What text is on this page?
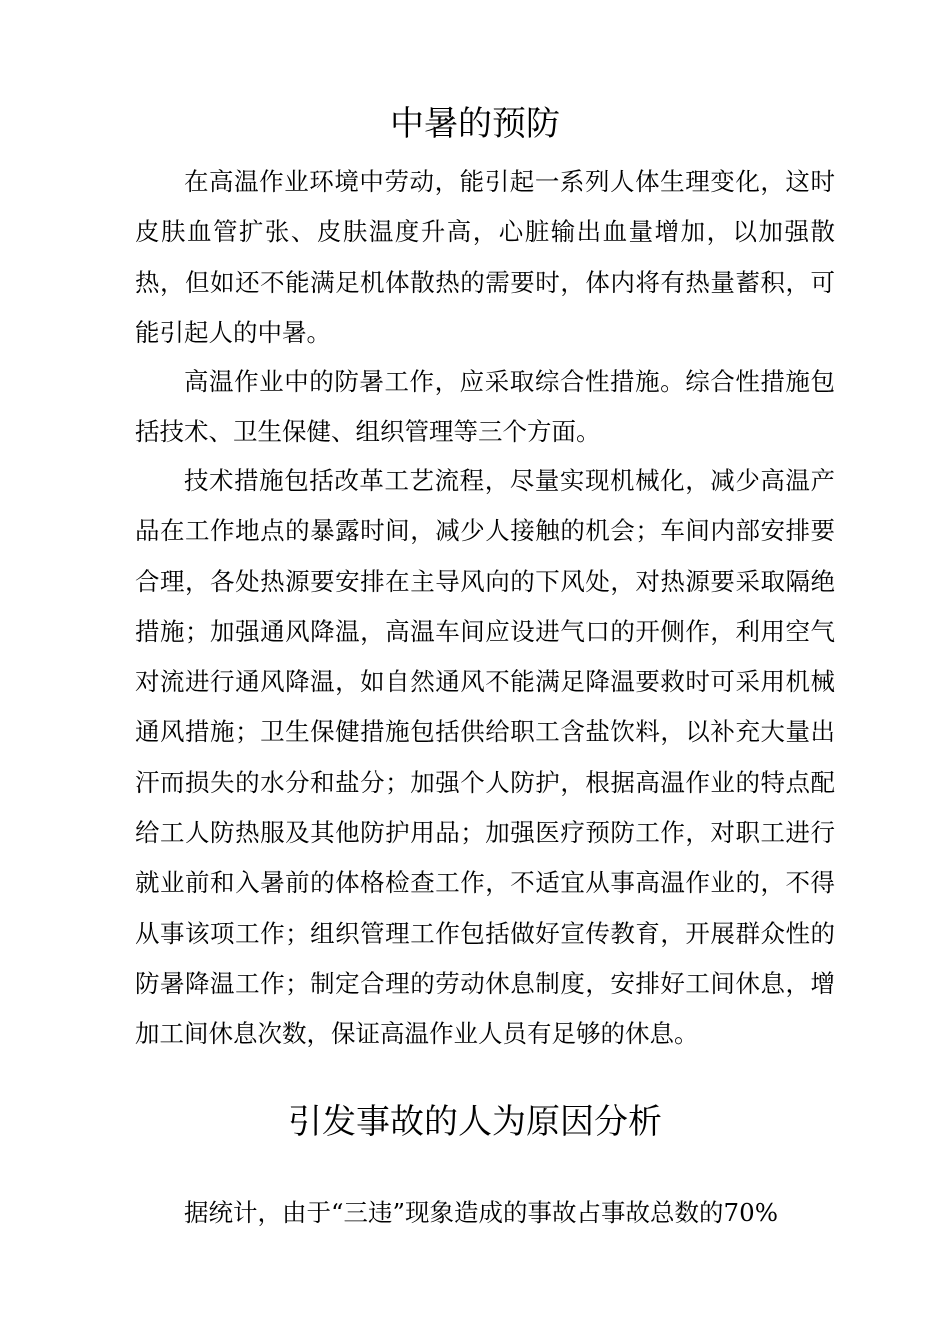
中暑的预防

在高温作业环境中劳动，能引起一系列人体生理变化，这时皮肤血管扩张、皮肤温度升高，心脏输出血量增加，以加强散热，但如还不能满足机体散热的需要时，体内将有热量蓄积，可能引起人的中暑。

高温作业中的防暑工作，应采取综合性措施。综合性措施包括技术、卫生保健、组织管理等三个方面。

技术措施包括改革工艺流程，尽量实现机械化，减少高温产品在工作地点的暴露时间，减少人接触的机会；车间内部安排要合理，各处热源要安排在主导风向的下风处，对热源要采取隔绝措施；加强通风降温，高温车间应设进气口的开侧作，利用空气对流进行通风降温，如自然通风不能满足降温要救时可采用机械通风措施；卫生保健措施包括供给职工含盐饮料，以补充大量出汗而损失的水分和盐分；加强个人防护，根据高温作业的特点配给工人防热服及其他防护用品；加强医疗预防工作，对职工进行就业前和入暑前的体格检查工作，不适宜从事高温作业的，不得从事该项工作；组织管理工作包括做好宣传教育，开展群众性的防暑降温工作；制定合理的劳动休息制度，安排好工间休息，增加工间休息次数，保证高温作业人员有足够的休息。

引发事故的人为原因分析

据统计，由于“三违”现象造成的事故占事故总数的70%
